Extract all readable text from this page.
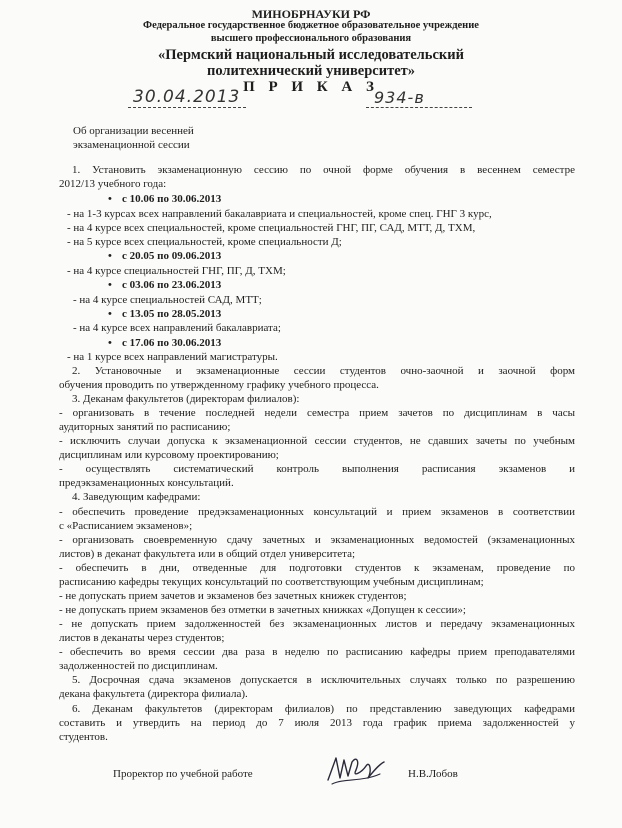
МИНОБРНАУКИ РФ
Федеральное государственное бюджетное образовательное учреждение
высшего профессионального образования
«Пермский национальный исследовательский
политехнический университет»
П Р И К А З
30.04.2013	934-в
Об организации весенней
экзаменационной сессии
1. Установить экзаменационную сессию по очной форме обучения в весеннем семестре
2012/13 учебного года:
• с 10.06 по 30.06.2013
- на 1-3 курсах всех направлений бакалавриата и специальностей, кроме спец. ГНГ 3 курс,
- на 4 курсе всех специальностей, кроме специальностей ГНГ, ПГ, САД, МТТ, Д, ТХМ,
- на 5 курсе всех специальностей, кроме специальности Д;
• с 20.05 по 09.06.2013
- на 4 курсе специальностей ГНГ, ПГ, Д, ТХМ;
• с 03.06 по 23.06.2013
- на 4 курсе специальностей САД, МТТ;
• с 13.05 по 28.05.2013
- на 4 курсе всех направлений бакалавриата;
• с 17.06 по 30.06.2013
- на 1 курсе всех направлений магистратуры.
2. Установочные и экзаменационные сессии студентов очно-заочной и заочной форм
обучения проводить по утвержденному графику учебного процесса.
3. Деканам факультетов (директорам филиалов):
- организовать в течение последней недели семестра прием зачетов по дисциплинам в часы
аудиторных занятий по расписанию;
- исключить случаи допуска к экзаменационной сессии студентов, не сдавших зачеты по учебным
дисциплинам или курсовому проектированию;
- осуществлять систематический контроль выполнения расписания экзаменов и
предэкзаменационных консультаций.
4. Заведующим кафедрами:
- обеспечить проведение предэкзаменационных консультаций и прием экзаменов в соответствии
с «Расписанием экзаменов»;
- организовать своевременную сдачу зачетных и экзаменационных ведомостей (экзаменационных
листов) в деканат факультета или в общий отдел университета;
- обеспечить в дни, отведенные для подготовки студентов к экзаменам, проведение по
расписанию кафедры текущих консультаций по соответствующим учебным дисциплинам;
- не допускать прием зачетов и экзаменов без зачетных книжек студентов;
- не допускать прием экзаменов без отметки в зачетных книжках «Допущен к сессии»;
- не допускать прием задолженностей без экзаменационных листов и передачу экзаменационных
листов в деканаты через студентов;
- обеспечить во время сессии два раза в неделю по расписанию кафедры прием преподавателями
задолженностей по дисциплинам.
5. Досрочная сдача экзаменов допускается в исключительных случаях только по разрешению
декана факультета (директора филиала).
6. Деканам факультетов (директорам филиалов) по представлению заведующих кафедрами
составить и утвердить на период до 7 июля 2013 года график приема задолженностей у
студентов.
Проректор по учебной работе	Н.В.Лобов
